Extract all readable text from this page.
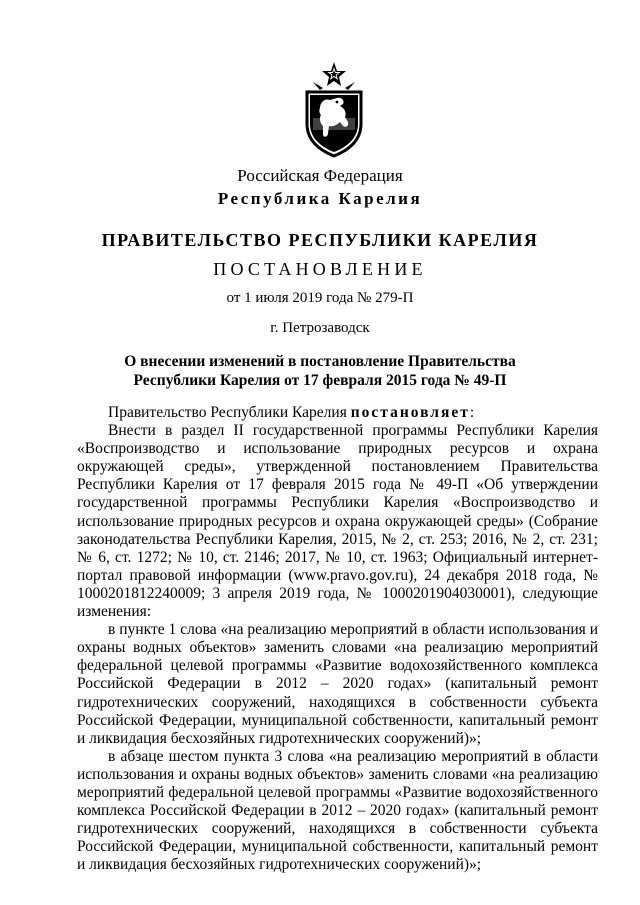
Российская Федерация
Республика Карелия
ПРАВИТЕЛЬСТВО РЕСПУБЛИКИ КАРЕЛИЯ
ПОСТАНОВЛЕНИЕ
от 1 июля 2019 года № 279-П
г. Петрозаводск
О внесении изменений в постановление Правительства
Республики Карелия от 17 февраля 2015 года № 49-П

Правительство Республики Карелия постановляет:

Внести в раздел II государственной программы Республики Карелия «Воспроизводство и использование природных ресурсов и охрана окружающей среды», утвержденной постановлением Правительства Республики Карелия от 17 февраля 2015 года № 49-П «Об утверждении государственной программы Республики Карелия «Воспроизводство и использование природных ресурсов и охрана окружающей среды» (Собрание законодательства Республики Карелия, 2015, № 2, ст. 253; 2016, № 2, ст. 231; № 6, ст. 1272; № 10, ст. 2146; 2017, № 10, ст. 1963; Официальный интернет-портал правовой информации (www.pravo.gov.ru), 24 декабря 2018 года, № 1000201812240009; 3 апреля 2019 года, № 1000201904030001), следующие изменения:

в пункте 1 слова «на реализацию мероприятий в области использования и охраны водных объектов» заменить словами «на реализацию мероприятий федеральной целевой программы «Развитие водохозяйственного комплекса Российской Федерации в 2012 – 2020 годах» (капитальный ремонт гидротехнических сооружений, находящихся в собственности субъекта Российской Федерации, муниципальной собственности, капитальный ремонт и ликвидация бесхозяйных гидротехнических сооружений)»;

в абзаце шестом пункта 3 слова «на реализацию мероприятий в области использования и охраны водных объектов» заменить словами «на реализацию мероприятий федеральной целевой программы «Развитие водохозяйственного комплекса Российской Федерации в 2012 – 2020 годах» (капитальный ремонт гидротехнических сооружений, находящихся в собственности субъекта Российской Федерации, муниципальной собственности, капитальный ремонт и ликвидация бесхозяйных гидротехнических сооружений)»;
